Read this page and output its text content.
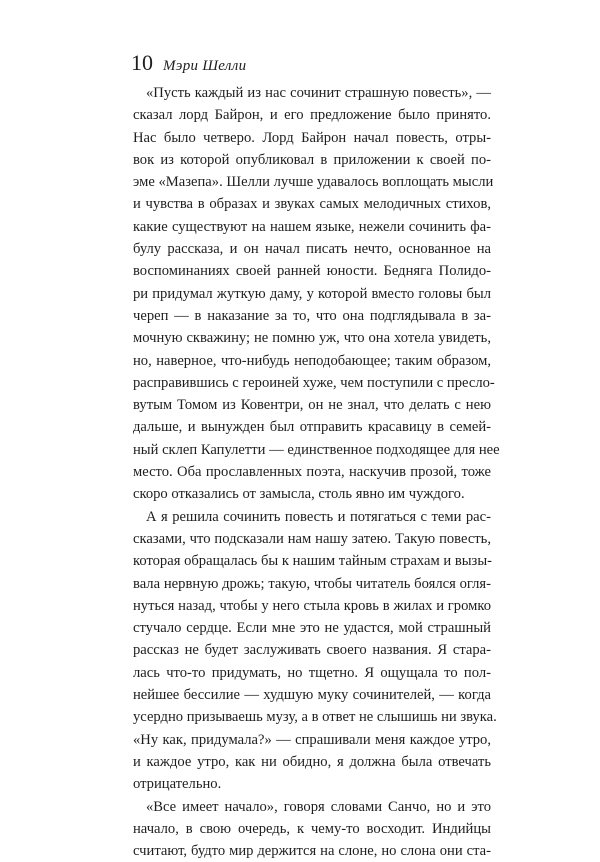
10 Мэри Шелли
«Пусть каждый из нас сочинит страшную повесть», —
сказал лорд Байрон, и его предложение было принято.
Нас было четверо. Лорд Байрон начал повесть, отры-
вок из которой опубликовал в приложении к своей по-
эме «Мазепа». Шелли лучше удавалось воплощать мысли
и чувства в образах и звуках самых мелодичных стихов,
какие существуют на нашем языке, нежели сочинить фа-
булу рассказа, и он начал писать нечто, основанное на
воспоминаниях своей ранней юности. Бедняга Полидо-
ри придумал жуткую даму, у которой вместо головы был
череп — в наказание за то, что она подглядывала в за-
мочную скважину; не помню уж, что она хотела увидеть,
но, наверное, что-нибудь неподобающее; таким образом,
расправившись с героиней хуже, чем поступили с пресло-
вутым Томом из Ковентри, он не знал, что делать с нею
дальше, и вынужден был отправить красавицу в семей-
ный склеп Капулетти — единственное подходящее для нее
место. Оба прославленных поэта, наскучив прозой, тоже
скоро отказались от замысла, столь явно им чуждого.
А я решила сочинить повесть и потягаться с теми рас-
сказами, что подсказали нам нашу затею. Такую повесть,
которая обращалась бы к нашим тайным страхам и вызы-
вала нервную дрожь; такую, чтобы читатель боялся огля-
нуться назад, чтобы у него стыла кровь в жилах и громко
стучало сердце. Если мне это не удастся, мой страшный
рассказ не будет заслуживать своего названия. Я стара-
лась что-то придумать, но тщетно. Я ощущала то пол-
нейшее бессилие — худшую муку сочинителей, — когда
усердно призываешь музу, а в ответ не слышишь ни звука.
«Ну как, придумала?» — спрашивали меня каждое утро,
и каждое утро, как ни обидно, я должна была отвечать
отрицательно.
«Все имеет начало», говоря словами Санчо, но и это
начало, в свою очередь, к чему-то восходит. Индийцы
считают, будто мир держится на слоне, но слона они ста-
